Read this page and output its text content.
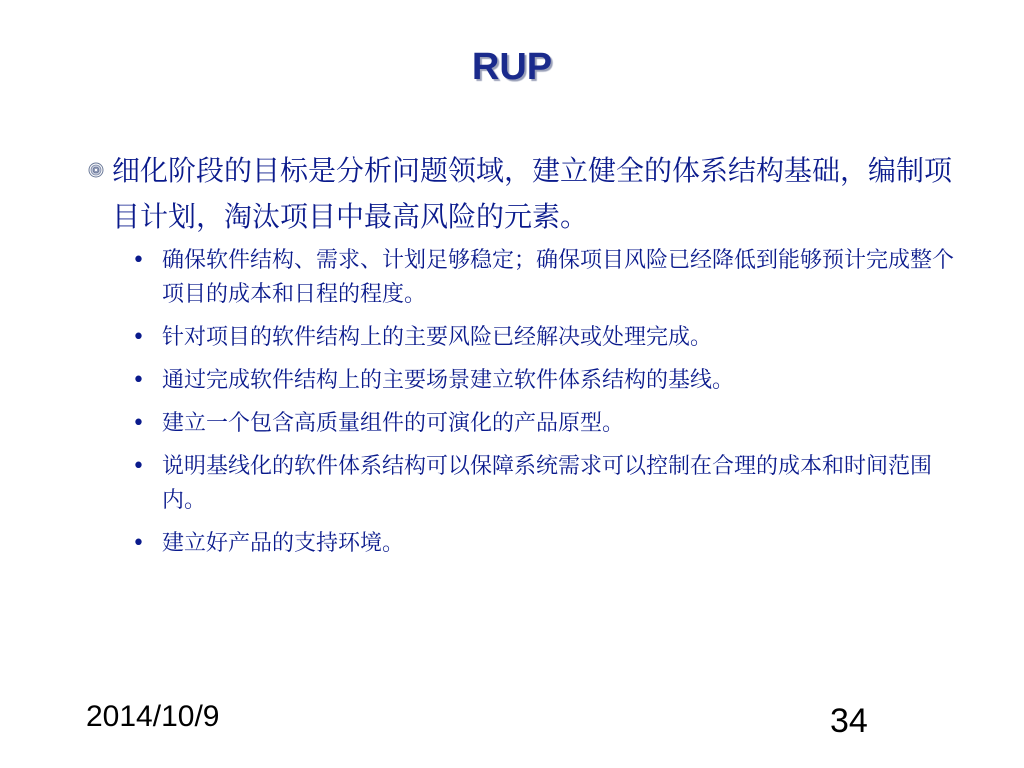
RUP
细化阶段的目标是分析问题领域，建立健全的体系结构基础，编制项目计划，淘汰项目中最高风险的元素。
• 确保软件结构、需求、计划足够稳定；确保项目风险已经降低到能够预计完成整个项目的成本和日程的程度。
• 针对项目的软件结构上的主要风险已经解决或处理完成。
• 通过完成软件结构上的主要场景建立软件体系结构的基线。
• 建立一个包含高质量组件的可演化的产品原型。
• 说明基线化的软件体系结构可以保障系统需求可以控制在合理的成本和时间范围内。
• 建立好产品的支持环境。
2014/10/9	34
